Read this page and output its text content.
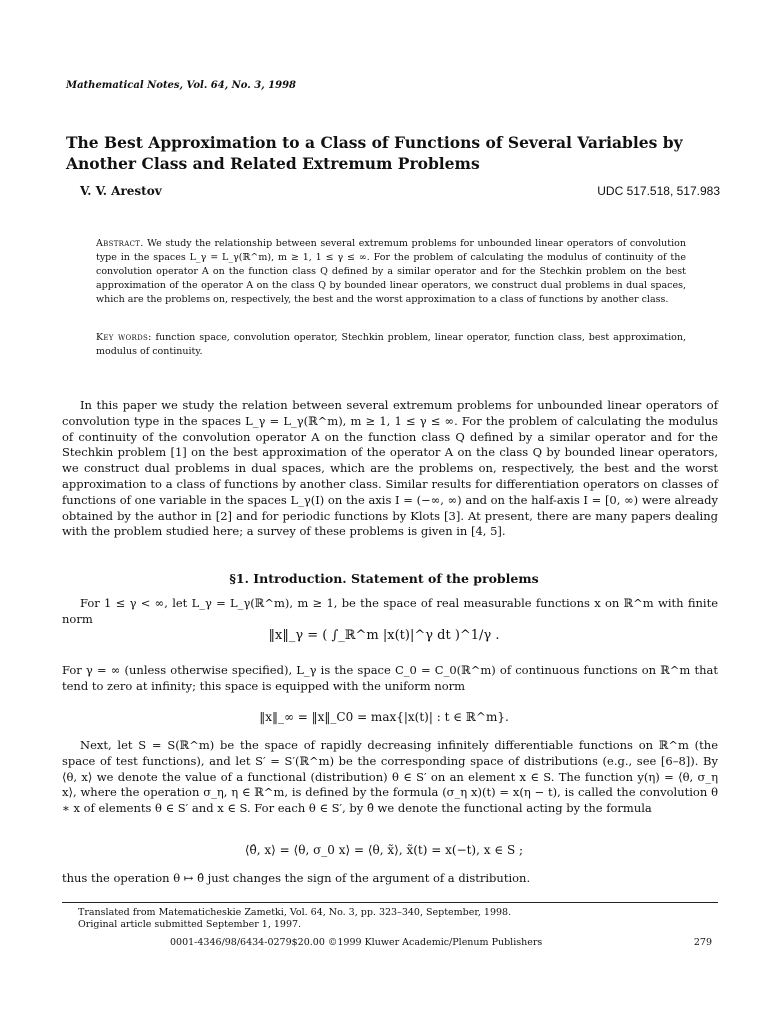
Mathematical Notes, Vol. 64, No. 3, 1998
The Best Approximation to a Class of Functions of Several Variables by Another Class and Related Extremum Problems
V. V. Arestov	UDC 517.518, 517.983
Abstract. We study the relationship between several extremum problems for unbounded linear operators of convolution type in the spaces L_γ = L_γ(ℝ^m), m ≥ 1, 1 ≤ γ ≤ ∞. For the problem of calculating the modulus of continuity of the convolution operator A on the function class Q defined by a similar operator and for the Stechkin problem on the best approximation of the operator A on the class Q by bounded linear operators, we construct dual problems in dual spaces, which are the problems on, respectively, the best and the worst approximation to a class of functions by another class.
Key words: function space, convolution operator, Stechkin problem, linear operator, function class, best approximation, modulus of continuity.
In this paper we study the relation between several extremum problems for unbounded linear operators of convolution type in the spaces L_γ = L_γ(ℝ^m), m ≥ 1, 1 ≤ γ ≤ ∞. For the problem of calculating the modulus of continuity of the convolution operator A on the function class Q defined by a similar operator and for the Stechkin problem [1] on the best approximation of the operator A on the class Q by bounded linear operators, we construct dual problems in dual spaces, which are the problems on, respectively, the best and the worst approximation to a class of functions by another class. Similar results for differentiation operators on classes of functions of one variable in the spaces L_γ(I) on the axis I = (−∞, ∞) and on the half-axis I = [0, ∞) were already obtained by the author in [2] and for periodic functions by Klots [3]. At present, there are many papers dealing with the problem studied here; a survey of these problems is given in [4, 5].
§1. Introduction. Statement of the problems
For 1 ≤ γ < ∞, let L_γ = L_γ(ℝ^m), m ≥ 1, be the space of real measurable functions x on ℝ^m with finite norm
‖x‖_γ = ( ∫_ℝ^m |x(t)|^γ dt )^1/γ .
For γ = ∞ (unless otherwise specified), L_γ is the space C_0 = C_0(ℝ^m) of continuous functions on ℝ^m that tend to zero at infinity; this space is equipped with the uniform norm
‖x‖_∞ = ‖x‖_C0 = max{|x(t)| : t ∈ ℝ^m}.
Next, let S = S(ℝ^m) be the space of rapidly decreasing infinitely differentiable functions on ℝ^m (the space of test functions), and let S′ = S′(ℝ^m) be the corresponding space of distributions (e.g., see [6–8]). By ⟨θ, x⟩ we denote the value of a functional (distribution) θ ∈ S′ on an element x ∈ S. The function y(η) = ⟨θ, σ_η x⟩, where the operation σ_η, η ∈ ℝ^m, is defined by the formula (σ_η x)(t) = x(η − t), is called the convolution θ ∗ x of elements θ ∈ S′ and x ∈ S. For each θ ∈ S′, by θ̂ we denote the functional acting by the formula
⟨θ̂, x⟩ = ⟨θ, σ_0 x⟩ = ⟨θ, x̃⟩, x̃(t) = x(−t), x ∈ S ;
thus the operation θ ↦ θ̂ just changes the sign of the argument of a distribution.
Translated from Matematicheskie Zametki, Vol. 64, No. 3, pp. 323–340, September, 1998.
Original article submitted September 1, 1997.
0001-4346/98/6434-0279$20.00 ©1999 Kluwer Academic/Plenum Publishers	279
